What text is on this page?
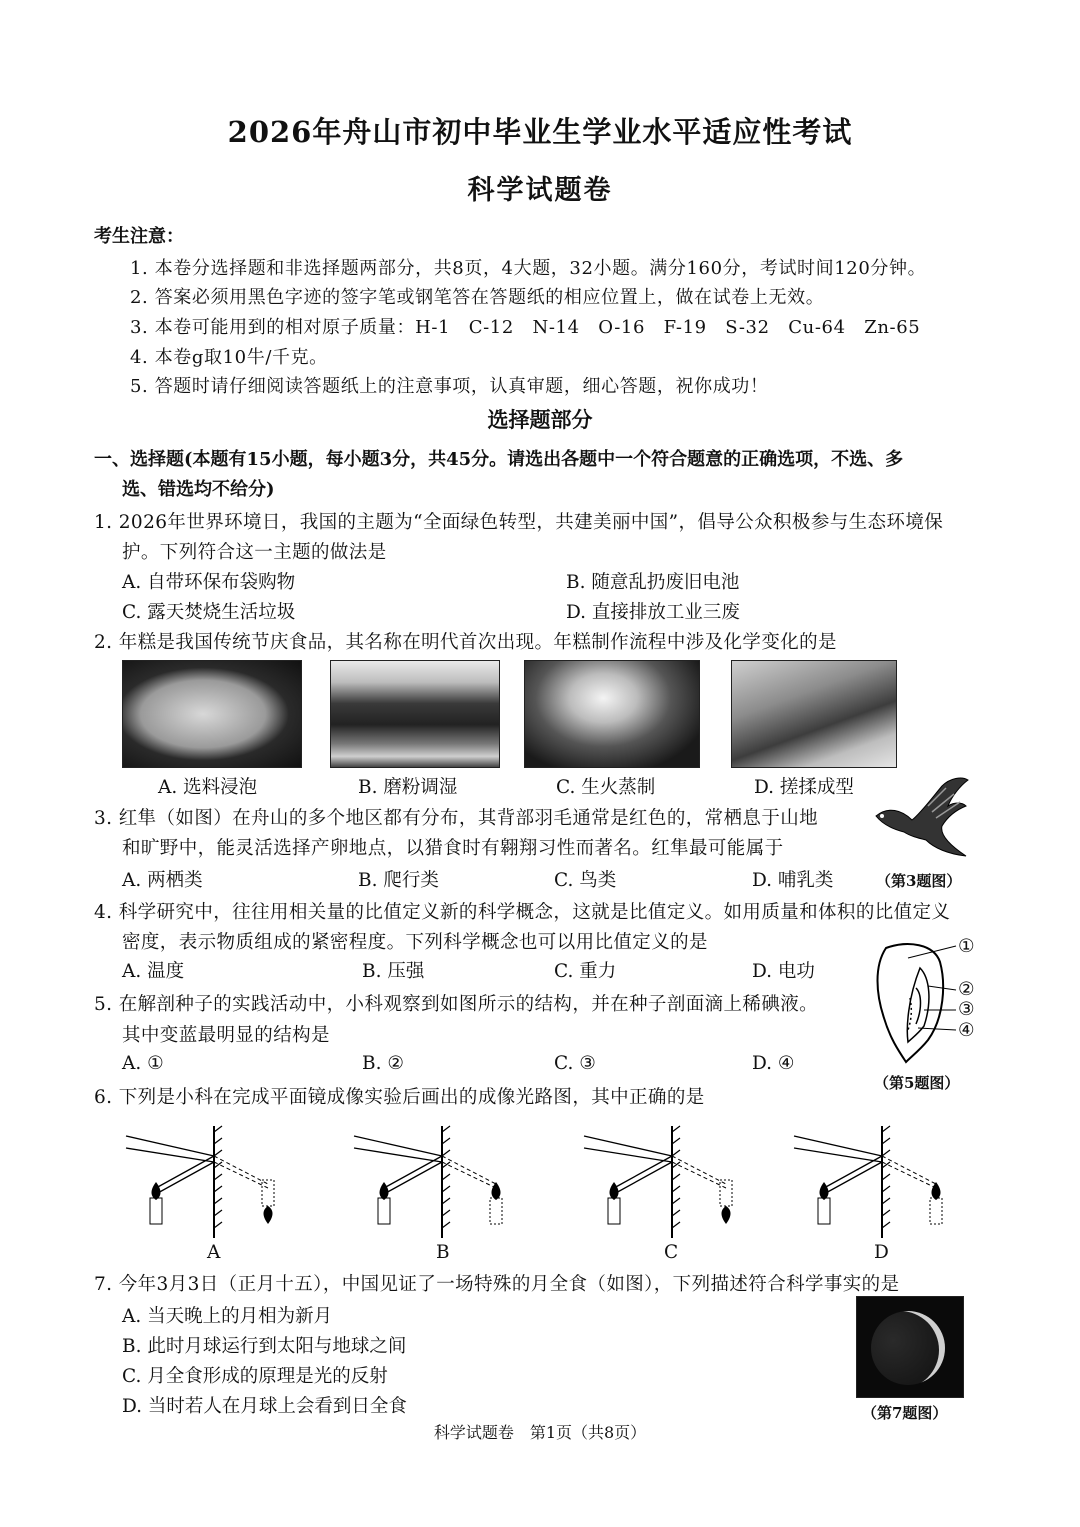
2026年舟山市初中毕业生学业水平适应性考试
科学试题卷
考生注意：
1. 本卷分选择题和非选择题两部分，共8页，4大题，32小题。满分160分，考试时间120分钟。
2. 答案必须用黑色字迹的签字笔或钢笔答在答题纸的相应位置上，做在试卷上无效。
3. 本卷可能用到的相对原子质量：H-1　C-12　N-14　O-16　F-19　S-32　Cu-64　Zn-65
4. 本卷g取10牛/千克。
5. 答题时请仔细阅读答题纸上的注意事项，认真审题，细心答题，祝你成功！
选择题部分
一、选择题(本题有15小题，每小题3分，共45分。请选出各题中一个符合题意的正确选项，不选、多
选、错选均不给分)
1. 2026年世界环境日，我国的主题为“全面绿色转型，共建美丽中国”，倡导公众积极参与生态环境保
护。下列符合这一主题的做法是
A. 自带环保布袋购物	B. 随意乱扔废旧电池
C. 露天焚烧生活垃圾	D. 直接排放工业三废
2. 年糕是我国传统节庆食品，其名称在明代首次出现。年糕制作流程中涉及化学变化的是
A. 选料浸泡	B. 磨粉调湿	C. 生火蒸制	D. 搓揉成型
3. 红隼（如图）在舟山的多个地区都有分布，其背部羽毛通常是红色的，常栖息于山地
和旷野中，能灵活选择产卵地点，以猎食时有翱翔习性而著名。红隼最可能属于
A. 两栖类	B. 爬行类	C. 鸟类	D. 哺乳类	（第3题图）
4. 科学研究中，往往用相关量的比值定义新的科学概念，这就是比值定义。如用质量和体积的比值定义
密度，表示物质组成的紧密程度。下列科学概念也可以用比值定义的是
A. 温度	B. 压强	C. 重力	D. 电功
5. 在解剖种子的实践活动中，小科观察到如图所示的结构，并在种子剖面滴上稀碘液。
其中变蓝最明显的结构是
A. ①	B. ②	C. ③	D. ④
①
②
③
④
（第5题图）
6. 下列是小科在完成平面镜成像实验后画出的成像光路图，其中正确的是
A	B	C	D
7. 今年3月3日（正月十五），中国见证了一场特殊的月全食（如图），下列描述符合科学事实的是
A. 当天晚上的月相为新月
B. 此时月球运行到太阳与地球之间
C. 月全食形成的原理是光的反射
D. 当时若人在月球上会看到日全食	（第7题图）
科学试题卷　第1页（共8页）
